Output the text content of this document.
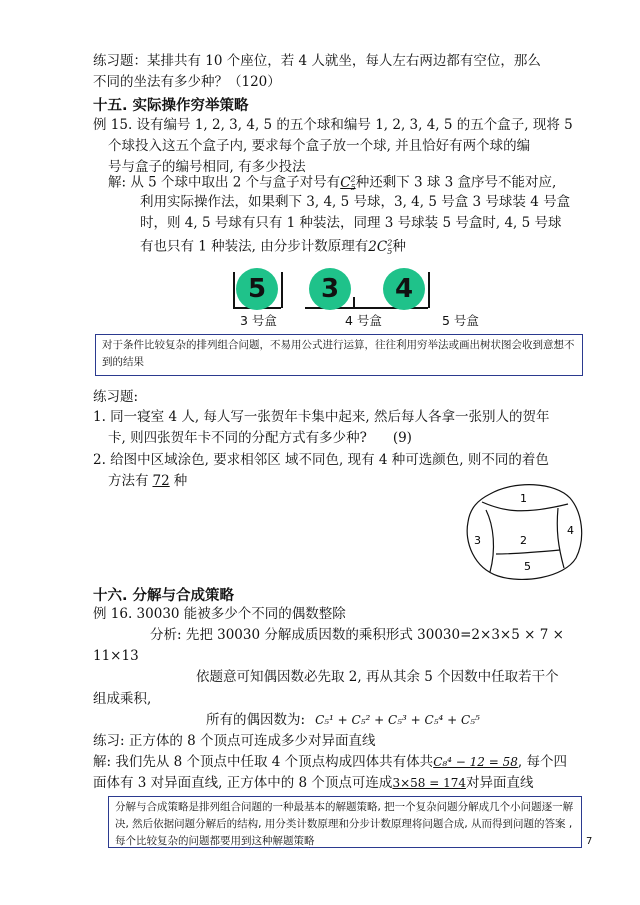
练习题：某排共有 10 个座位，若 4 人就坐，每人左右两边都有空位，那么
不同的坐法有多少种？（120）
十五. 实际操作穷举策略
例 15. 设有编号 1, 2, 3, 4, 5 的五个球和编号 1, 2, 3, 4, 5 的五个盒子, 现将 5
个球投入这五个盒子内, 要求每个盒子放一个球, 并且恰好有两个球的编
号与盒子的编号相同, 有多少投法
解: 从 5 个球中取出 2 个与盒子对号有$C^2_5$种还剩下 3 球 3 盒序号不能对应,
利用实际操作法，如果剩下 3, 4, 5 号球，3, 4, 5 号盒 3 号球装 4 号盒
时，则 4, 5 号球有只有 1 种装法，同理 3 号球装 5 号盒时, 4, 5 号球
有也只有 1 种装法, 由分步计数原理有$2C^2_5$种
5	3	4
3 号盒	4 号盒	5 号盒
对于条件比较复杂的排列组合问题，不易用公式进行运算，往往利用穷举法或画出树状图会收到意想不到的结果
练习题:
1. 同一寝室 4 人, 每人写一张贺年卡集中起来, 然后每人各拿一张别人的贺年
卡, 则四张贺年卡不同的分配方式有多少种? (9)
2. 给图中区域涂色, 要求相邻区 域不同色, 现有 4 种可选颜色, 则不同的着色
方法有 72 种
1
2
3
4
5
十六. 分解与合成策略
例 16. 30030 能被多少个不同的偶数整除
分析: 先把 30030 分解成质因数的乘积形式 30030=2×3×5 × 7 ×
11×13
依题意可知偶因数必先取 2, 再从其余 5 个因数中任取若干个
组成乘积,
所有的偶因数为: C₅¹ + C₅² + C₅³ + C₅⁴ + C₅⁵
练习: 正方体的 8 个顶点可连成多少对异面直线
解: 我们先从 8 个顶点中任取 4 个顶点构成四体共有体共C₈⁴ − 12 = 58, 每个四
面体有 3 对异面直线, 正方体中的 8 个顶点可连成3×58 = 174对异面直线
分解与合成策略是排列组合问题的一种最基本的解题策略, 把一个复杂问题分解成几个小问题逐一解决, 然后依据问题分解后的结构, 用分类计数原理和分步计数原理将问题合成, 从而得到问题的答案 , 每个比较复杂的问题都要用到这种解题策略	7
